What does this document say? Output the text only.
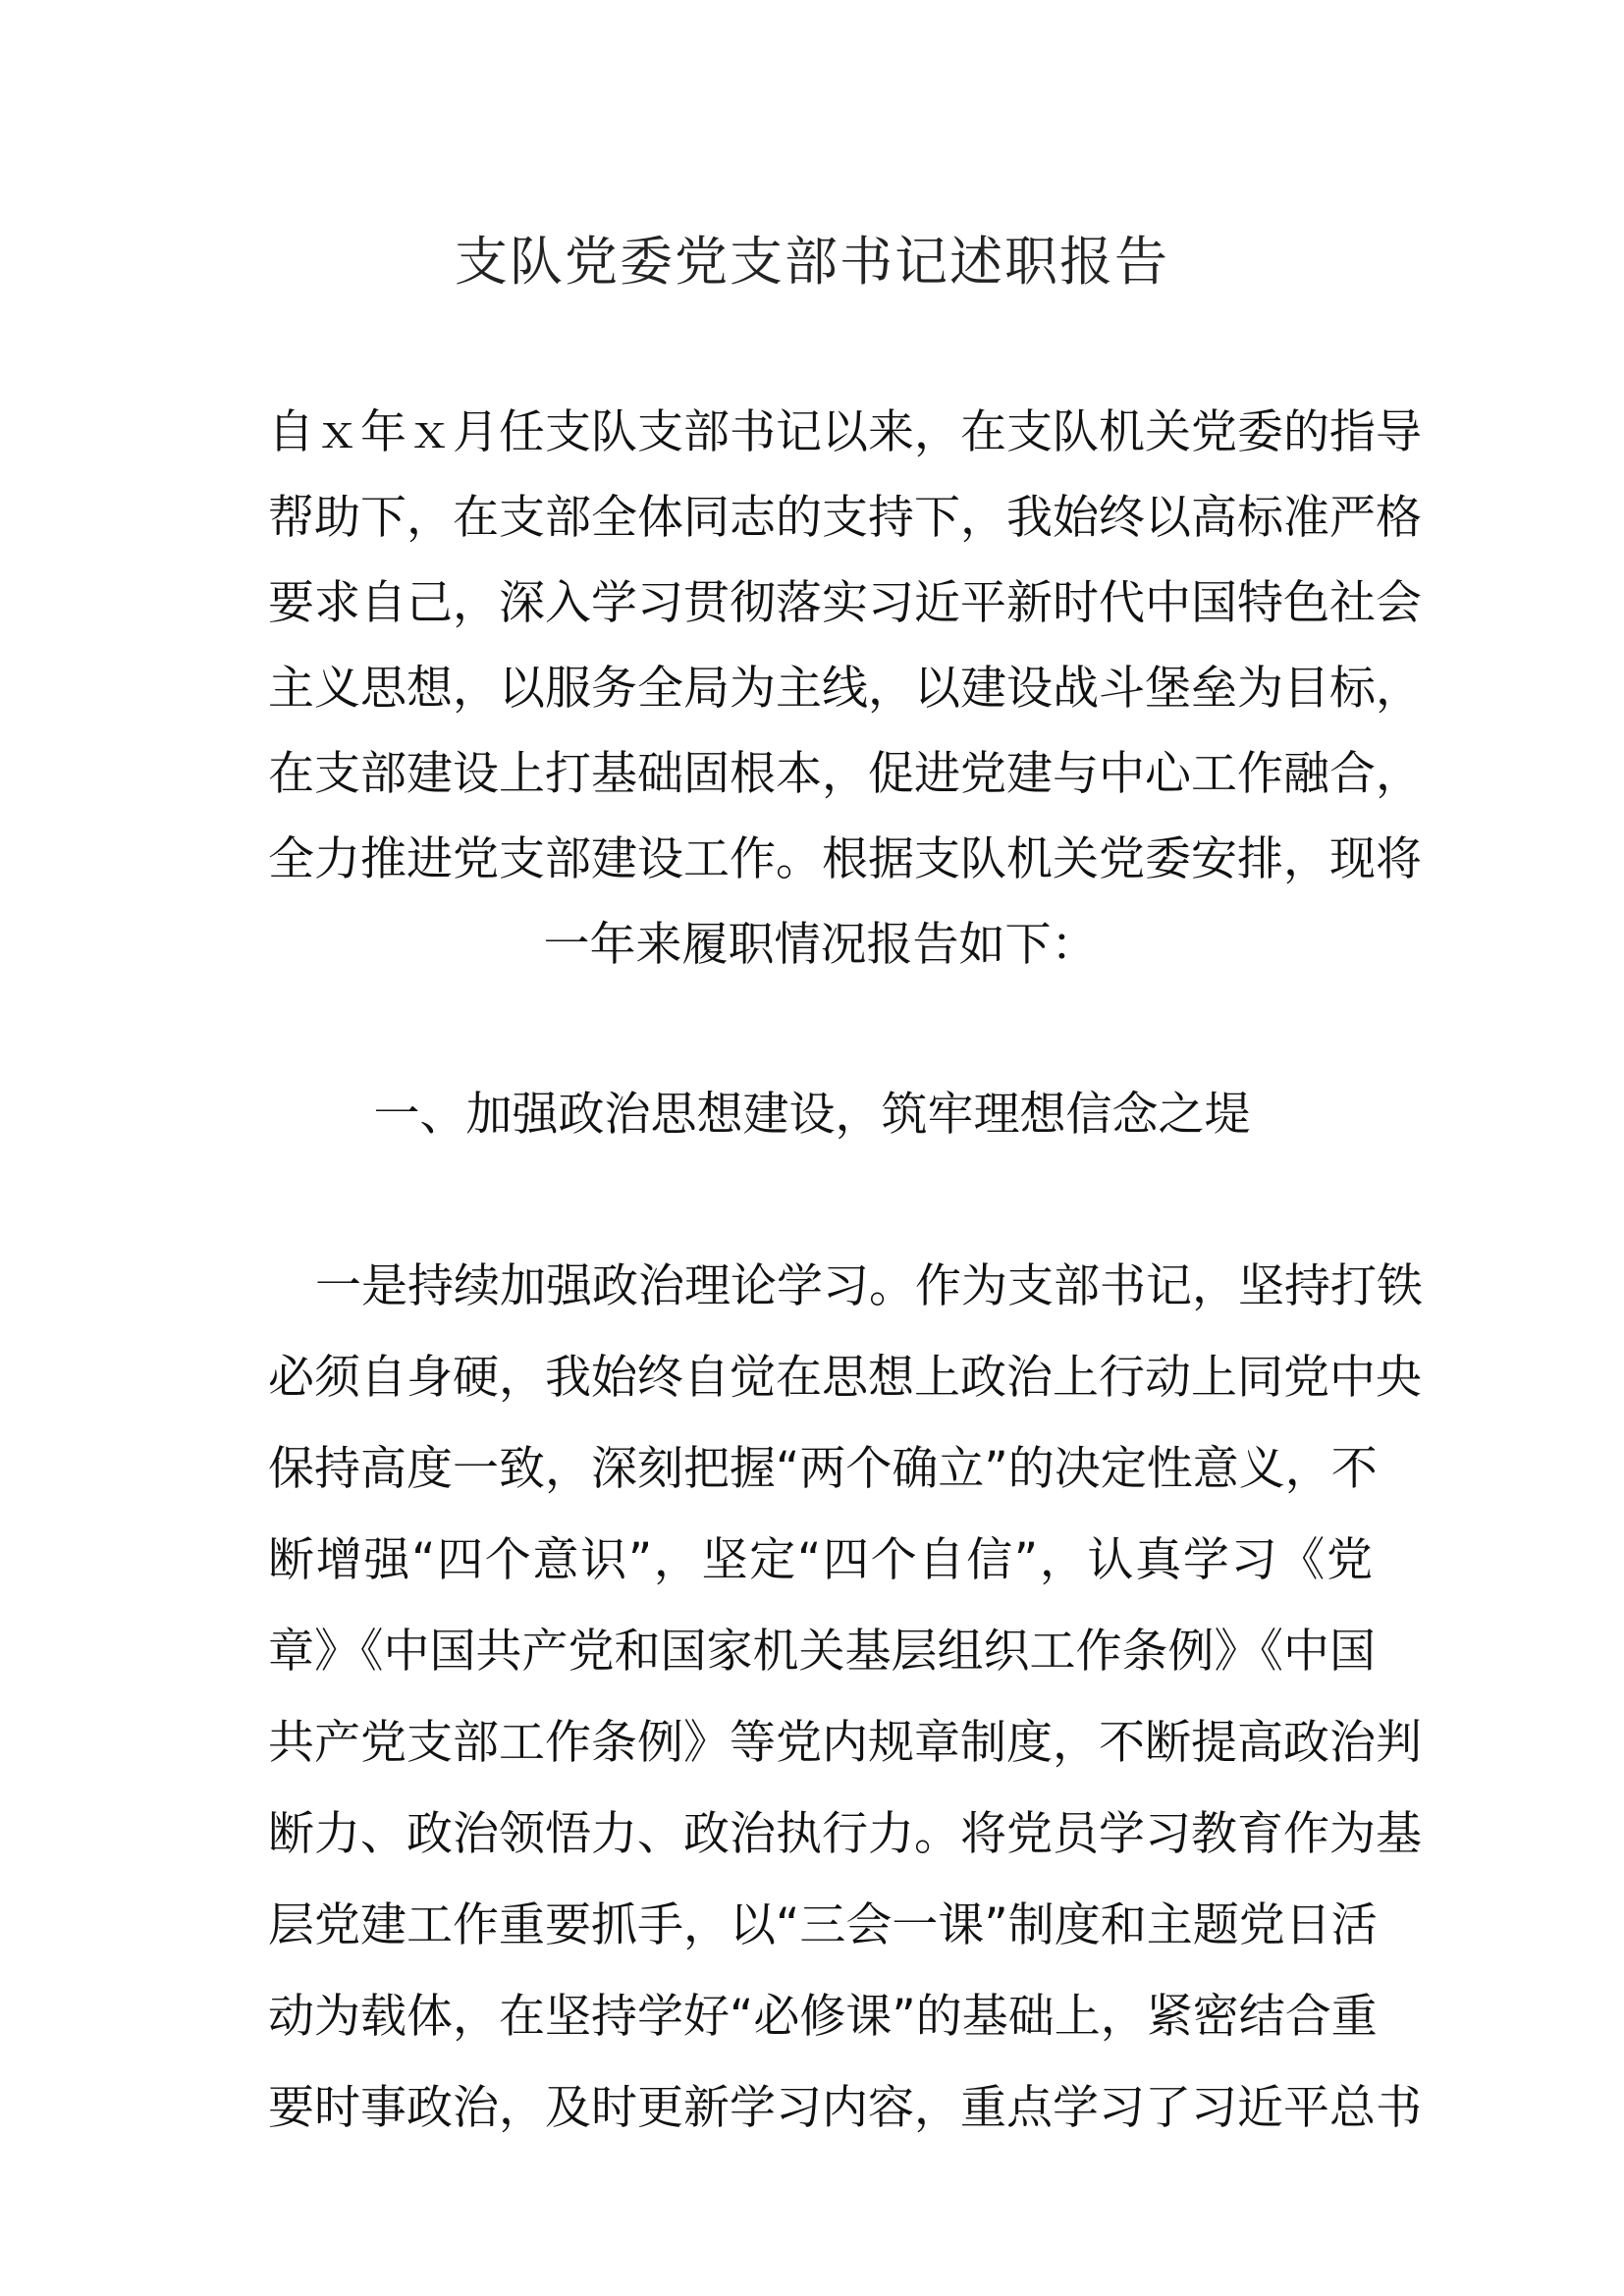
支队党委党支部书记述职报告
自ｘ年ｘ月任支队支部书记以来，在支队机关党委的指导
帮助下，在支部全体同志的支持下，我始终以高标准严格
要求自己，深入学习贯彻落实习近平新时代中国特色社会
主义思想，以服务全局为主线，以建设战斗堡垒为目标，
在支部建设上打基础固根本，促进党建与中心工作融合，
全力推进党支部建设工作。根据支队机关党委安排，现将
一年来履职情况报告如下：
一、加强政治思想建设，筑牢理想信念之堤
一是持续加强政治理论学习。作为支部书记，坚持打铁
必须自身硬，我始终自觉在思想上政治上行动上同党中央
保持高度一致，深刻把握“两个确立”的决定性意义，不
断增强“四个意识”，坚定“四个自信”，认真学习《党
章》《中国共产党和国家机关基层组织工作条例》《中国
共产党支部工作条例》等党内规章制度，不断提高政治判
断力、政治领悟力、政治执行力。将党员学习教育作为基
层党建工作重要抓手，以“三会一课”制度和主题党日活
动为载体，在坚持学好“必修课”的基础上，紧密结合重
要时事政治，及时更新学习内容，重点学习了习近平总书
